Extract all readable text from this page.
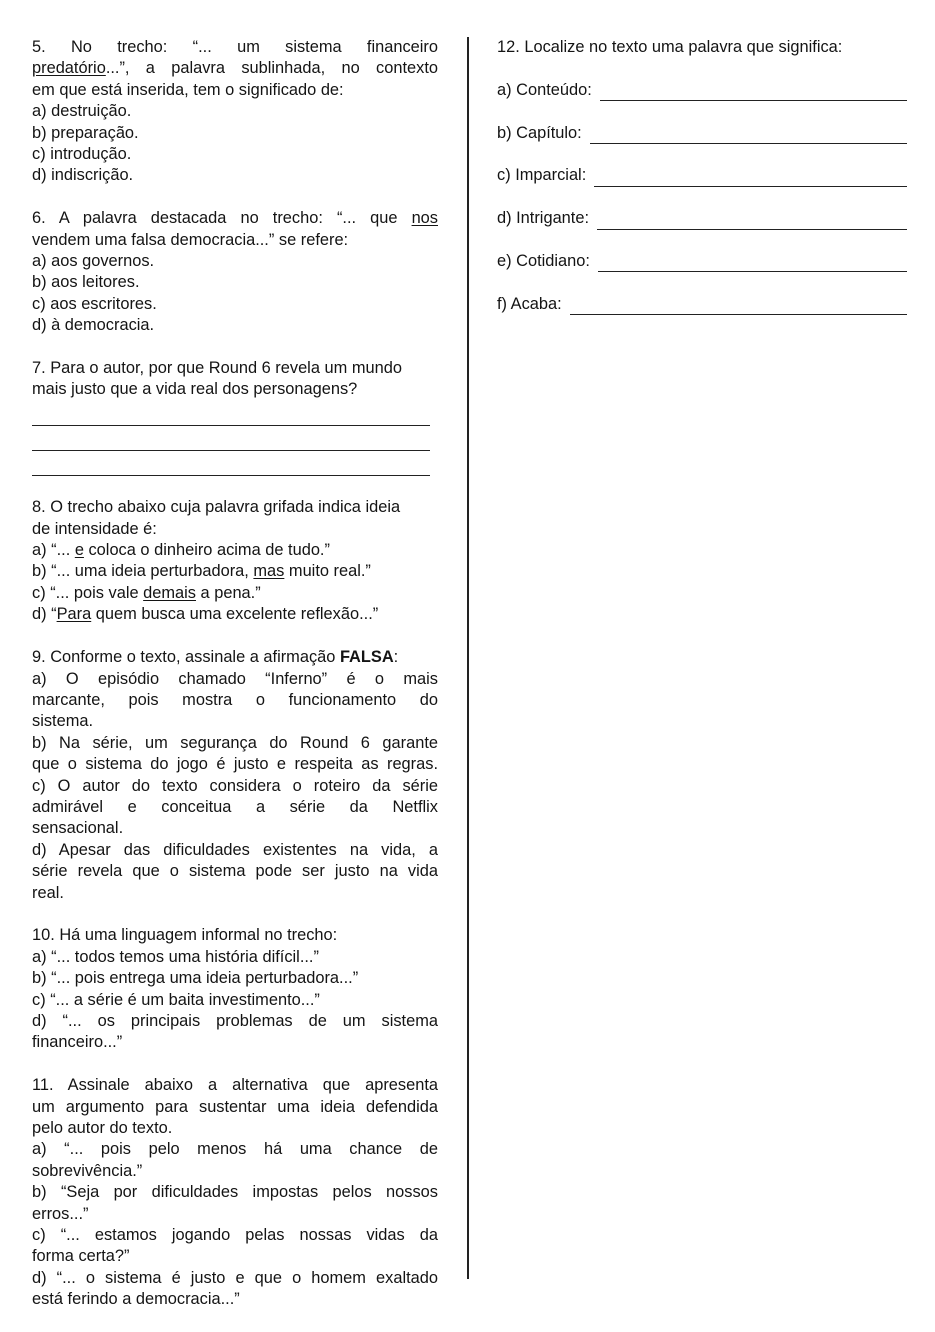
5. No trecho: “... um sistema financeiro

predatório...”, a palavra sublinhada, no contexto

em que está inserida, tem o significado de:

a) destruição.

b) preparação.

c) introdução.

d) indiscrição.

6. A palavra destacada no trecho: “... que nos

vendem uma falsa democracia...” se refere:

a) aos governos.

b) aos leitores.

c) aos escritores.

d) à democracia.

7. Para o autor, por que Round 6 revela um mundo

mais justo que a vida real dos personagens?

8. O trecho abaixo cuja palavra grifada indica ideia

de intensidade é:

a) “... e coloca o dinheiro acima de tudo.”

b) “... uma ideia perturbadora, mas muito real.”

c) “... pois vale demais a pena.”

d) “Para quem busca uma excelente reflexão...”

9. Conforme o texto, assinale a afirmação FALSA:

a) O episódio chamado “Inferno” é o mais

marcante, pois mostra o funcionamento do

sistema.

b) Na série, um segurança do Round 6 garante

que o sistema do jogo é justo e respeita as regras.

c) O autor do texto considera o roteiro da série

admirável e conceitua a série da Netflix

sensacional.

d) Apesar das dificuldades existentes na vida, a

série revela que o sistema pode ser justo na vida

real.

10. Há uma linguagem informal no trecho:

a) “... todos temos uma história difícil...”

b) “... pois entrega uma ideia perturbadora...”

c) “... a série é um baita investimento...”

d) “... os principais problemas de um sistema

financeiro...”

11. Assinale abaixo a alternativa que apresenta

um argumento para sustentar uma ideia defendida

pelo autor do texto.

a) “... pois pelo menos há uma chance de

sobrevivência.”

b) “Seja por dificuldades impostas pelos nossos

erros...”

c) “... estamos jogando pelas nossas vidas da

forma certa?”

d) “... o sistema é justo e que o homem exaltado

está ferindo a democracia...”

12. Localize no texto uma palavra que significa:

a) Conteúdo:
b) Capítulo:
c) Imparcial:
d) Intrigante:
e) Cotidiano:
f) Acaba:
